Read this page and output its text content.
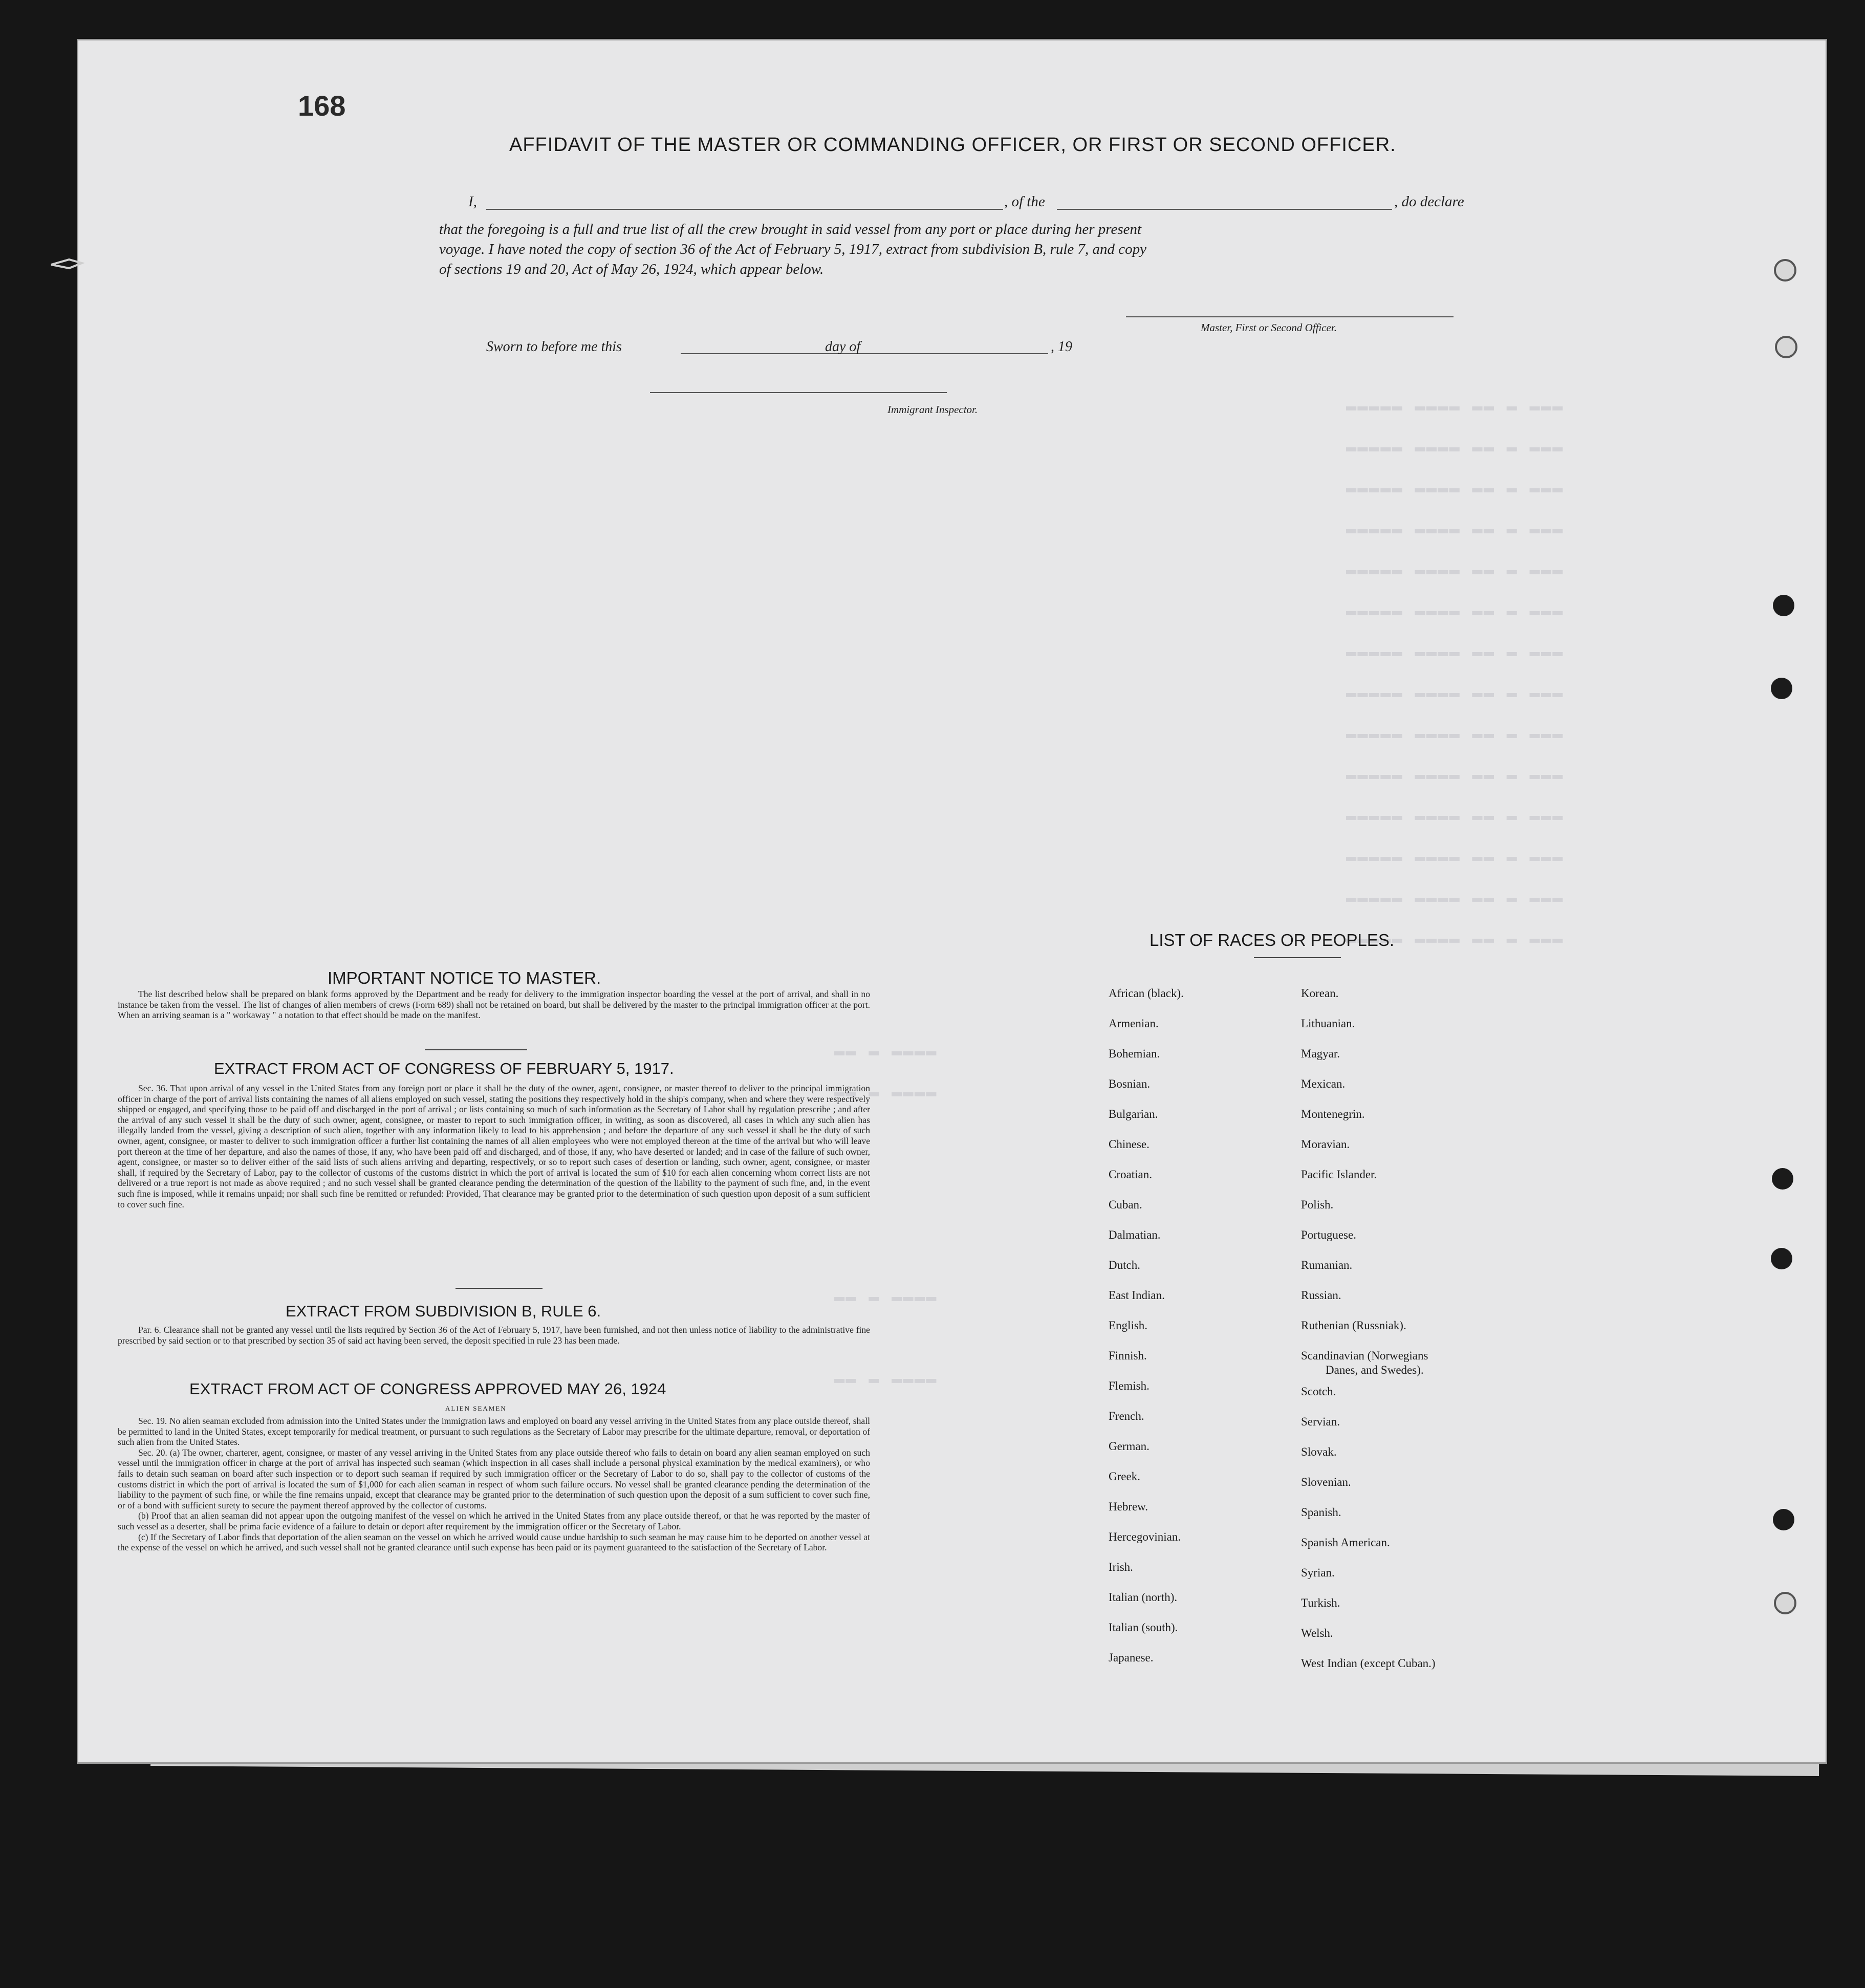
▬▬▬▬▬ ▬▬▬▬ ▬▬ ▬ ▬▬▬
▬▬▬▬▬ ▬▬▬▬ ▬▬ ▬ ▬▬▬
▬▬▬▬▬ ▬▬▬▬ ▬▬ ▬ ▬▬▬
▬▬▬▬▬ ▬▬▬▬ ▬▬ ▬ ▬▬▬
▬▬▬▬▬ ▬▬▬▬ ▬▬ ▬ ▬▬▬
▬▬▬▬▬ ▬▬▬▬ ▬▬ ▬ ▬▬▬
▬▬▬▬▬ ▬▬▬▬ ▬▬ ▬ ▬▬▬
▬▬▬▬▬ ▬▬▬▬ ▬▬ ▬ ▬▬▬
▬▬▬▬▬ ▬▬▬▬ ▬▬ ▬ ▬▬▬
▬▬▬▬▬ ▬▬▬▬ ▬▬ ▬ ▬▬▬
▬▬▬▬▬ ▬▬▬▬ ▬▬ ▬ ▬▬▬
▬▬▬▬▬ ▬▬▬▬ ▬▬ ▬ ▬▬▬
▬▬▬▬▬ ▬▬▬▬ ▬▬ ▬ ▬▬▬
▬▬▬▬▬ ▬▬▬▬ ▬▬ ▬ ▬▬▬
▬▬ ▬ ▬▬▬▬
▬▬ ▬ ▬▬▬▬
▬▬ ▬ ▬▬▬▬
▬▬ ▬ ▬▬▬▬
168
AFFIDAVIT OF THE MASTER OR COMMANDING OFFICER, OR FIRST OR SECOND OFFICER.
I,	, of the	, do declare
that the foregoing is a full and true list of all the crew brought in said vessel from any port or place during her present
voyage. I have noted the copy of section 36 of the Act of February 5, 1917, extract from subdivision B, rule 7, and copy
of sections 19 and 20, Act of May 26, 1924, which appear below.
Master, First or Second Officer.
Sworn to before me this	day of	, 19
Immigrant Inspector.
IMPORTANT NOTICE TO MASTER.

The list described below shall be prepared on blank forms approved by the Department and be ready for delivery to the immigration inspector boarding the vessel at the port of arrival, and shall in no instance be taken from the vessel. The list of changes of alien members of crews (Form 689) shall not be retained on board, but shall be delivered by the master to the principal immigration officer at the port. When an arriving seaman is a " workaway " a notation to that effect should be made on the manifest.

EXTRACT FROM ACT OF CONGRESS OF FEBRUARY 5, 1917.

Sec. 36. That upon arrival of any vessel in the United States from any foreign port or place it shall be the duty of the owner, agent, consignee, or master thereof to deliver to the principal immigration officer in charge of the port of arrival lists containing the names of all aliens employed on such vessel, stating the positions they respectively hold in the ship's company, when and where they were respectively shipped or engaged, and specifying those to be paid off and discharged in the port of arrival ; or lists containing so much of such information as the Secretary of Labor shall by regulation prescribe ; and after the arrival of any such vessel it shall be the duty of such owner, agent, consignee, or master to report to such immigration officer, in writing, as soon as discovered, all cases in which any such alien has illegally landed from the vessel, giving a description of such alien, together with any information likely to lead to his apprehension ; and before the departure of any such vessel it shall be the duty of such owner, agent, consignee, or master to deliver to such immigration officer a further list containing the names of all alien employees who were not employed thereon at the time of the arrival but who will leave port thereon at the time of her departure, and also the names of those, if any, who have been paid off and discharged, and of those, if any, who have deserted or landed; and in case of the failure of such owner, agent, consignee, or master so to deliver either of the said lists of such aliens arriving and departing, respectively, or so to report such cases of desertion or landing, such owner, agent, consignee, or master shall, if required by the Secretary of Labor, pay to the collector of customs of the customs district in which the port of arrival is located the sum of $10 for each alien concerning whom correct lists are not delivered or a true report is not made as above required ; and no such vessel shall be granted clearance pending the determination of the question of the liability to the payment of such fine, and, in the event such fine is imposed, while it remains unpaid; nor shall such fine be remitted or refunded: Provided, That clearance may be granted prior to the determination of such question upon deposit of a sum sufficient to cover such fine.

EXTRACT FROM SUBDIVISION B, RULE 6.

Par. 6. Clearance shall not be granted any vessel until the lists required by Section 36 of the Act of February 5, 1917, have been furnished, and not then unless notice of liability to the administrative fine prescribed by said section or to that prescribed by section 35 of said act having been served, the deposit specified in rule 23 has been made.

EXTRACT FROM ACT OF CONGRESS APPROVED MAY 26, 1924
ALIEN SEAMEN

Sec. 19. No alien seaman excluded from admission into the United States under the immigration laws and employed on board any vessel arriving in the United States from any place outside thereof, shall be permitted to land in the United States, except temporarily for medical treatment, or pursuant to such regulations as the Secretary of Labor may prescribe for the ultimate departure, removal, or deportation of such alien from the United States.

Sec. 20. (a) The owner, charterer, agent, consignee, or master of any vessel arriving in the United States from any place outside thereof who fails to detain on board any alien seaman employed on such vessel until the immigration officer in charge at the port of arrival has inspected such seaman (which inspection in all cases shall include a personal physical examination by the medical examiners), or who fails to detain such seaman on board after such inspection or to deport such seaman if required by such immigration officer or the Secretary of Labor to do so, shall pay to the collector of customs of the customs district in which the port of arrival is located the sum of $1,000 for each alien seaman in respect of whom such failure occurs. No vessel shall be granted clearance pending the determination of the liability to the payment of such fine, or while the fine remains unpaid, except that clearance may be granted prior to the determination of such question upon the deposit of a sum sufficient to cover such fine, or of a bond with sufficient surety to secure the payment thereof approved by the collector of customs.

(b) Proof that an alien seaman did not appear upon the outgoing manifest of the vessel on which he arrived in the United States from any place outside thereof, or that he was reported by the master of such vessel as a deserter, shall be prima facie evidence of a failure to detain or deport after requirement by the immigration officer or the Secretary of Labor.

(c) If the Secretary of Labor finds that deportation of the alien seaman on the vessel on which he arrived would cause undue hardship to such seaman he may cause him to be deported on another vessel at the expense of the vessel on which he arrived, and such vessel shall not be granted clearance until such expense has been paid or its payment guaranteed to the satisfaction of the Secretary of Labor.

LIST OF RACES OR PEOPLES.
African (black).
Armenian.
Bohemian.
Bosnian.
Bulgarian.
Chinese.
Croatian.
Cuban.
Dalmatian.
Dutch.
East Indian.
English.
Finnish.
Flemish.
French.
German.
Greek.
Hebrew.
Hercegovinian.
Irish.
Italian (north).
Italian (south).
Japanese.
Korean.
Lithuanian.
Magyar.
Mexican.
Montenegrin.
Moravian.
Pacific Islander.
Polish.
Portuguese.
Rumanian.
Russian.
Ruthenian (Russniak).
Scandinavian (Norwegians
Danes, and Swedes).
Scotch.
Servian.
Slovak.
Slovenian.
Spanish.
Spanish American.
Syrian.
Turkish.
Welsh.
West Indian (except Cuban.)
